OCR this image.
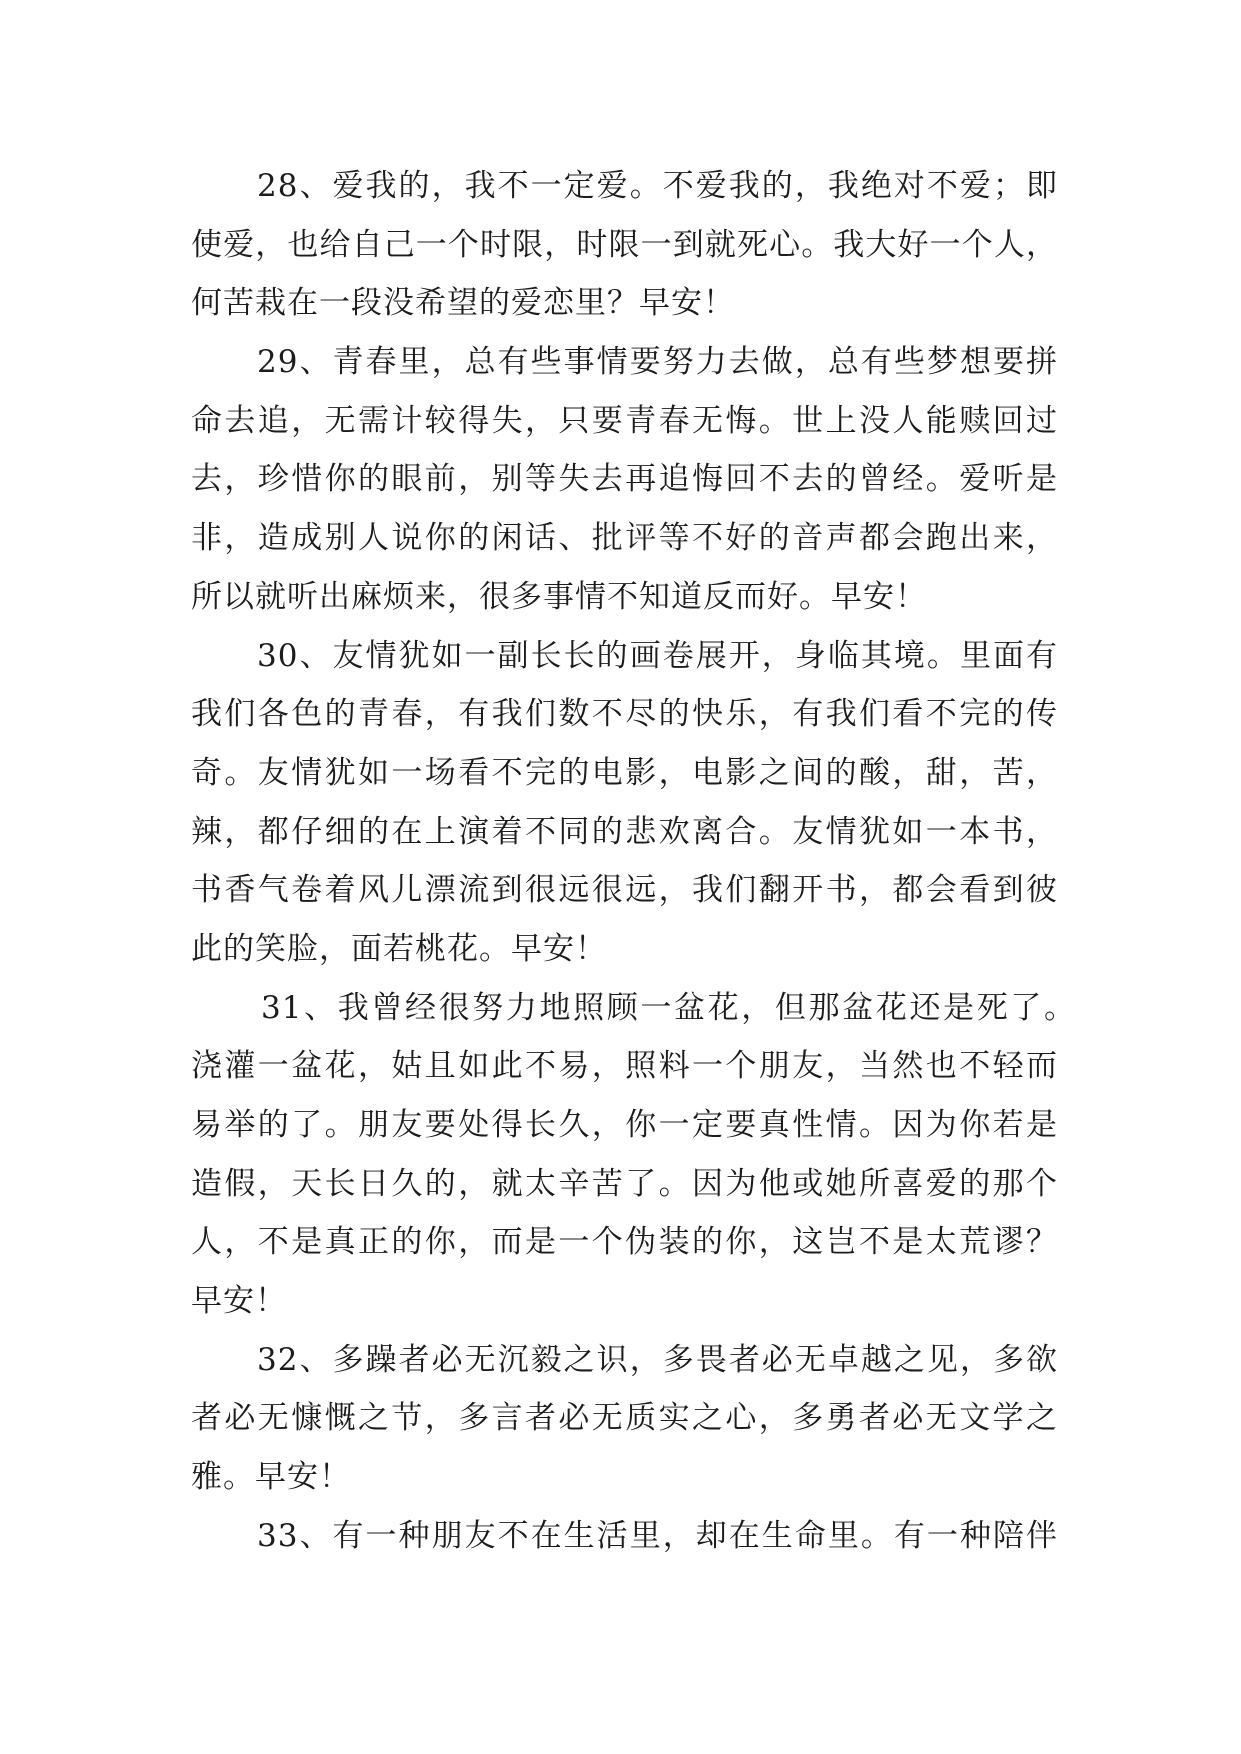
28、爱我的，我不一定爱。不爱我的，我绝对不爱；即
使爱，也给自己一个时限，时限一到就死心。我大好一个人，
何苦栽在一段没希望的爱恋里？早安！
29、青春里，总有些事情要努力去做，总有些梦想要拼
命去追，无需计较得失，只要青春无悔。世上没人能赎回过
去，珍惜你的眼前，别等失去再追悔回不去的曾经。爱听是
非，造成别人说你的闲话、批评等不好的音声都会跑出来，
所以就听出麻烦来，很多事情不知道反而好。早安！
30、友情犹如一副长长的画卷展开，身临其境。里面有
我们各色的青春，有我们数不尽的快乐，有我们看不完的传
奇。友情犹如一场看不完的电影，电影之间的酸，甜，苦，
辣，都仔细的在上演着不同的悲欢离合。友情犹如一本书，
书香气卷着风儿漂流到很远很远，我们翻开书，都会看到彼
此的笑脸，面若桃花。早安！
31、我曾经很努力地照顾一盆花，但那盆花还是死了。
浇灌一盆花，姑且如此不易，照料一个朋友，当然也不轻而
易举的了。朋友要处得长久，你一定要真性情。因为你若是
造假，天长日久的，就太辛苦了。因为他或她所喜爱的那个
人，不是真正的你，而是一个伪装的你，这岂不是太荒谬？
早安！
32、多躁者必无沉毅之识，多畏者必无卓越之见，多欲
者必无慷慨之节，多言者必无质实之心，多勇者必无文学之
雅。早安！
33、有一种朋友不在生活里，却在生命里。有一种陪伴
